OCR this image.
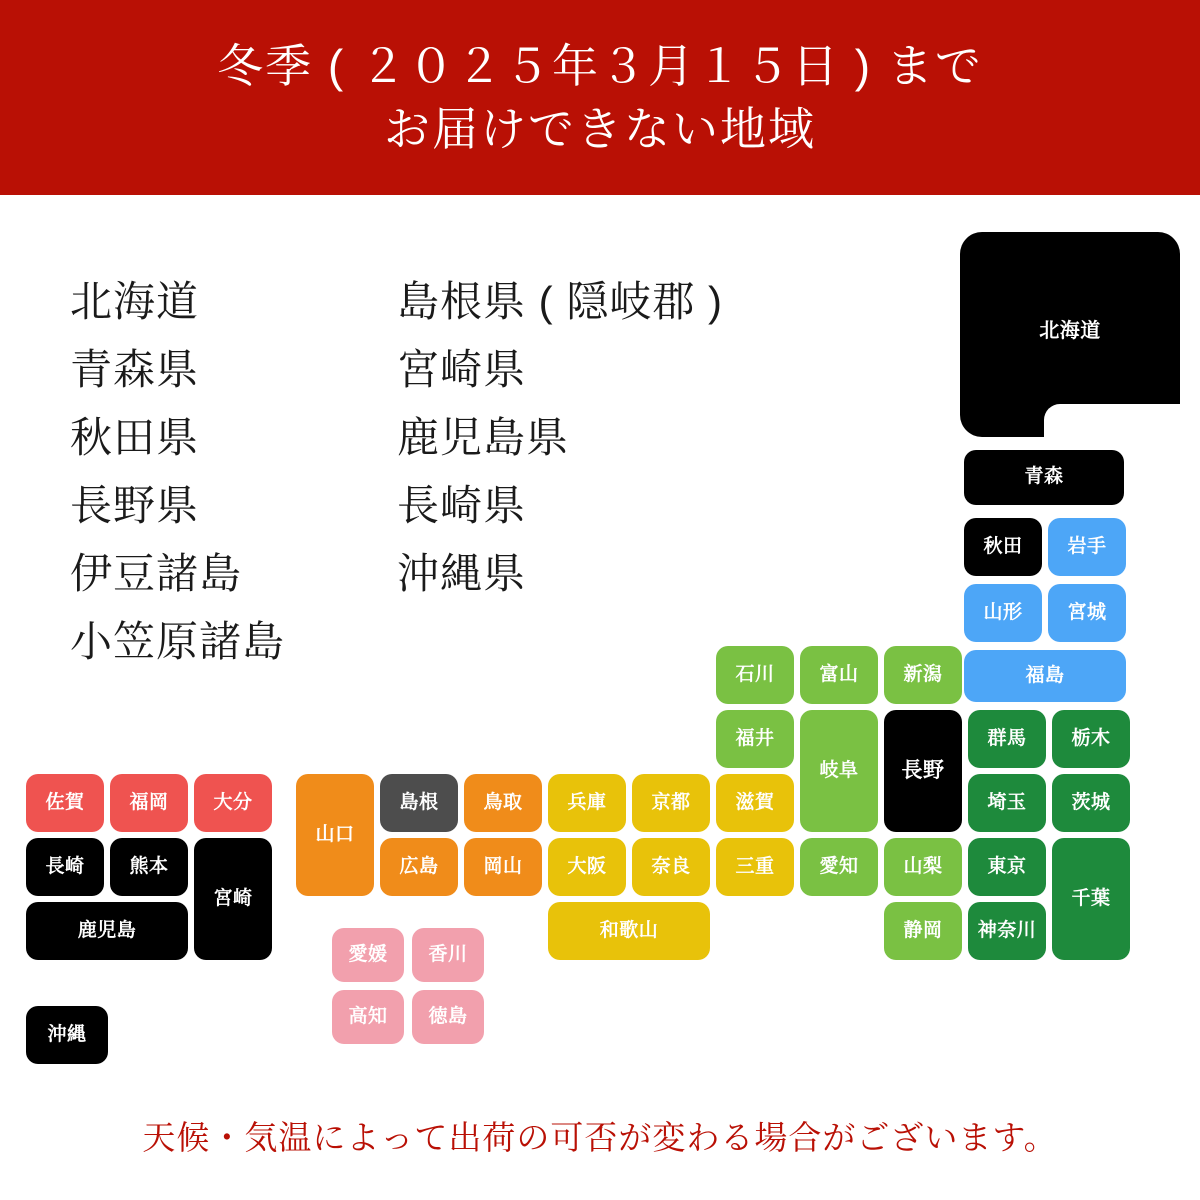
冬季 ( ２０２５年３月１５日 ) まで
お届けできない地域
北海道
青森県
秋田県
長野県
伊豆諸島
小笠原諸島
島根県 ( 隠岐郡 )
宮崎県
鹿児島県
長崎県
沖縄県
北海道
青森
秋田	岩手
山形	宮城
福島
石川	富山	新潟
福井
岐阜	長野
群馬	栃木
埼玉	茨城
滋賀
京都
兵庫
鳥取
島根
山口
広島	岡山	大阪	奈良	三重
和歌山
愛知	山梨	東京
千葉
静岡	神奈川
愛媛	香川
高知	徳島
佐賀	福岡	大分
長崎	熊本
宮崎
鹿児島
沖縄
天候・気温によって出荷の可否が変わる場合がございます。
